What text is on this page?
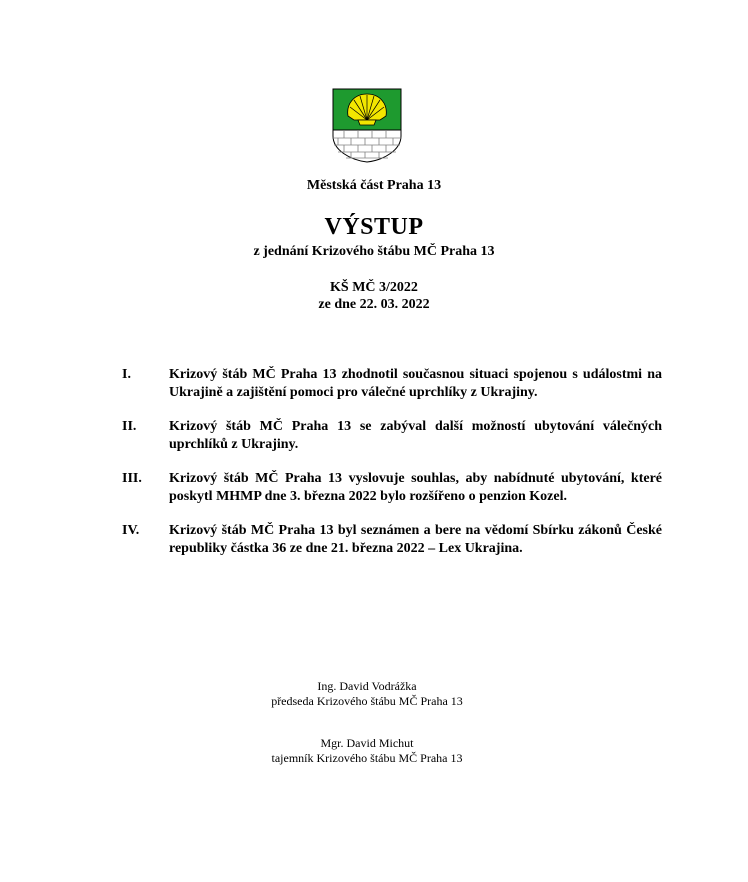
Městská část Praha 13
VÝSTUP
z jednání Krizového štábu MČ Praha 13
KŠ MČ 3/2022
ze dne 22. 03. 2022
I.	Krizový štáb MČ Praha 13 zhodnotil současnou situaci spojenou s událostmi na Ukrajině a zajištění pomoci pro válečné uprchlíky z Ukrajiny.
II.	Krizový štáb MČ Praha 13 se zabýval další možností ubytování válečných uprchlíků z Ukrajiny.
III.	Krizový štáb MČ Praha 13 vyslovuje souhlas, aby nabídnuté ubytování, které poskytl MHMP dne 3. března 2022 bylo rozšířeno o penzion Kozel.
IV.	Krizový štáb MČ Praha 13 byl seznámen a bere na vědomí Sbírku zákonů České republiky částka 36 ze dne 21. března 2022 – Lex Ukrajina.
Ing. David Vodrážka
předseda Krizového štábu MČ Praha 13
Mgr. David Michut
tajemník Krizového štábu MČ Praha 13
